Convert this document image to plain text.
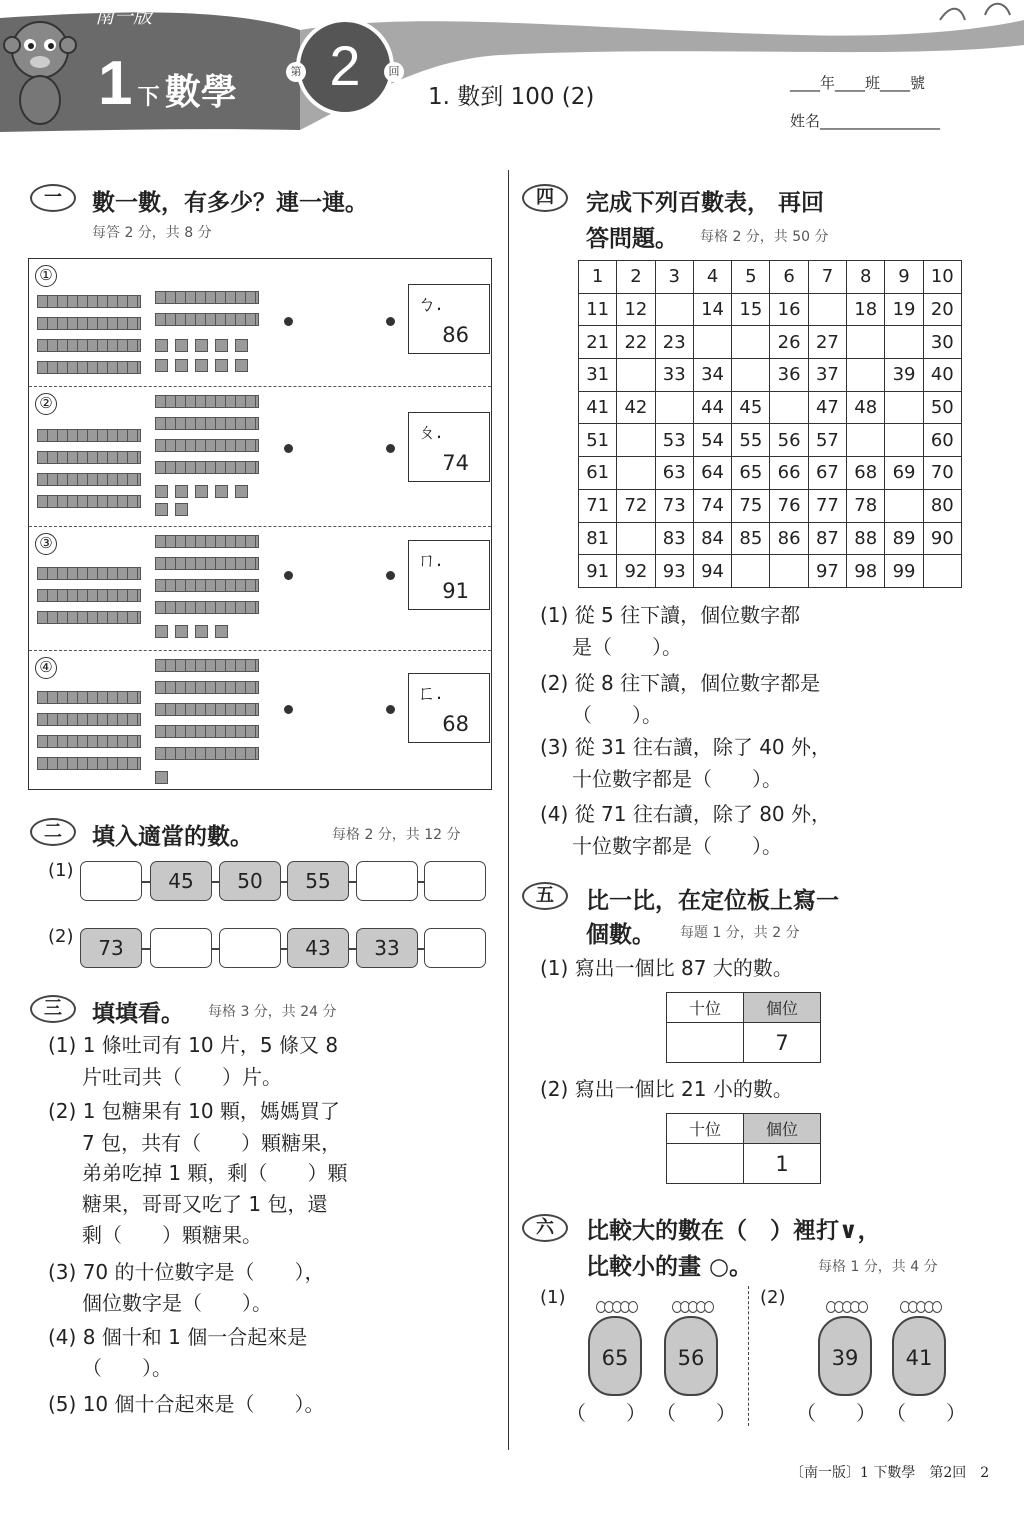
南一版
1 下 數學
第 2	回
1. 數到 100 (2)
____年____班____號
姓名________________
一	數一數，有多少？連一連。
每答 2 分，共 8 分
①
②
③
④
ㄅ.
86
ㄆ.
74
ㄇ.
91
ㄈ.
68
二	填入適當的數。	每格 2 分，共 12 分
(1)	45	50	55
(2)	73	43	33
三	填填看。 每格 3 分，共 24 分
(1) 1 條吐司有 10 片，5 條又 8
片吐司共（　　）片。
(2) 1 包糖果有 10 顆，媽媽買了
7 包，共有（　　）顆糖果，
弟弟吃掉 1 顆，剩（　　）顆
糖果，哥哥又吃了 1 包，還
剩（　　）顆糖果。
(3) 70 的十位數字是（　　），
個位數字是（　　）。
(4) 8 個十和 1 個一合起來是
（　　）。
(5) 10 個十合起來是（　　）。
四	完成下列百數表， 再回
答問題。 每格 2 分，共 50 分
1	2	3	4	5	6	7	8	9	10
11	12		14	15	16		18	19	20
21	22	23			26	27			30
31		33	34		36	37		39	40
41	42		44	45		47	48		50
51		53	54	55	56	57			60
61		63	64	65	66	67	68	69	70
71	72	73	74	75	76	77	78		80
81		83	84	85	86	87	88	89	90
91	92	93	94			97	98	99	
(1) 從 5 往下讀，個位數字都
是（　　）。
(2) 從 8 往下讀，個位數字都是
（　　）。
(3) 從 31 往右讀，除了 40 外，
十位數字都是（　　）。
(4) 從 71 往右讀，除了 80 外，
十位數字都是（　　）。
五	比一比，在定位板上寫一
個數。 每題 1 分，共 2 分
(1) 寫出一個比 87 大的數。
十位	個位
	7
(2) 寫出一個比 21 小的數。
十位	個位
	1
六	比較大的數在（　）裡打∨，
比較小的畫 ○。	每格 1 分，共 4 分
(1)	(2)
65	56	39	41
（　　） （　　）	（　　） （　　）
〔南一版〕1 下數學　第2回　2
